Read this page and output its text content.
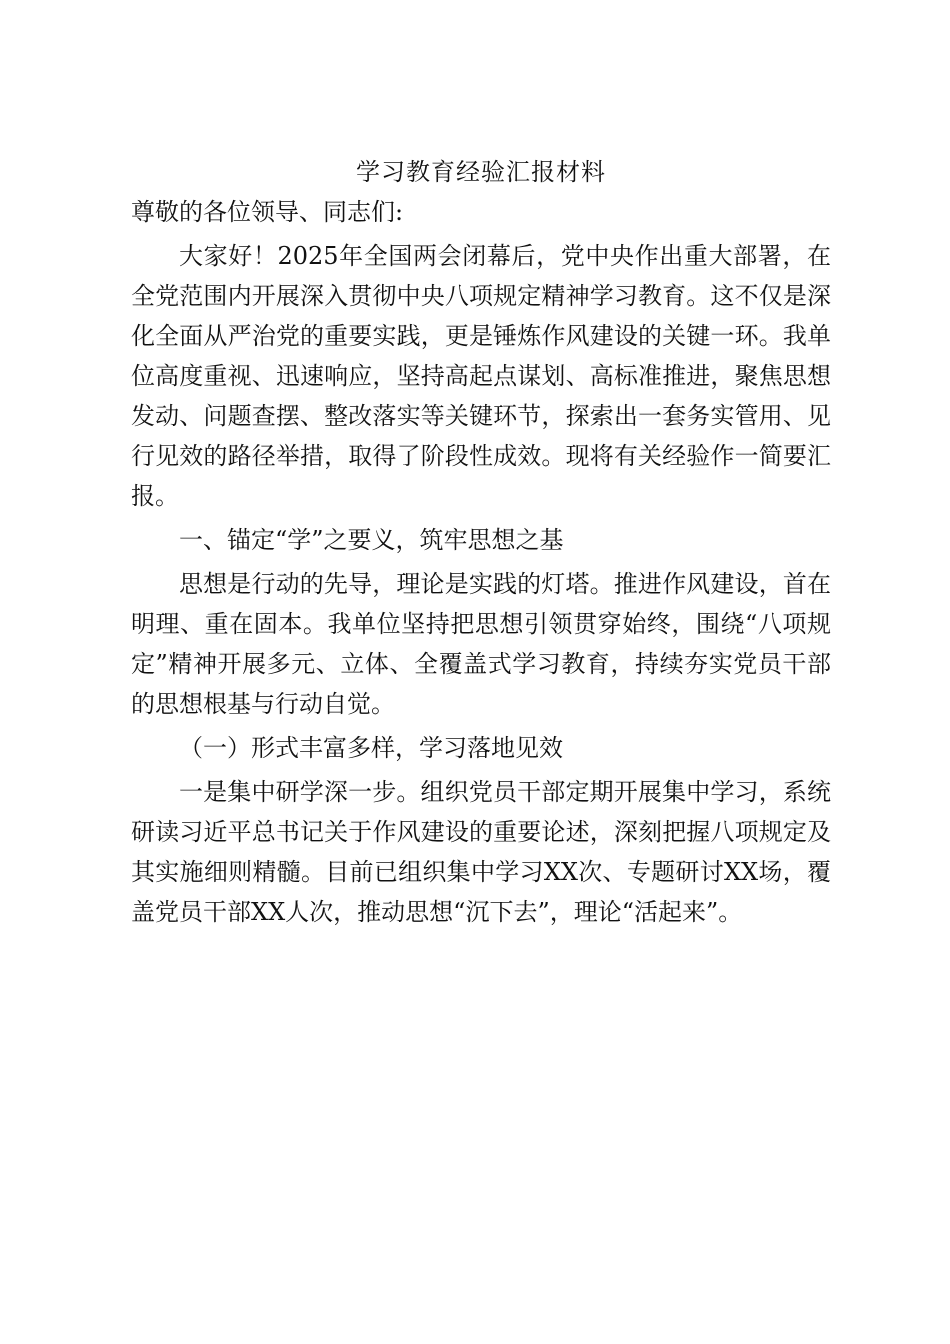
学习教育经验汇报材料

尊敬的各位领导、同志们:

大家好！2025年全国两会闭幕后，党中央作出重大部署，在全党范围内开展深入贯彻中央八项规定精神学习教育。这不仅是深化全面从严治党的重要实践，更是锤炼作风建设的关键一环。我单位高度重视、迅速响应，坚持高起点谋划、高标准推进，聚焦思想发动、问题查摆、整改落实等关键环节，探索出一套务实管用、见行见效的路径举措，取得了阶段性成效。现将有关经验作一简要汇报。

一、锚定“学”之要义，筑牢思想之基

思想是行动的先导，理论是实践的灯塔。推进作风建设，首在明理、重在固本。我单位坚持把思想引领贯穿始终，围绕“八项规定”精神开展多元、立体、全覆盖式学习教育，持续夯实党员干部的思想根基与行动自觉。

（一）形式丰富多样，学习落地见效

一是集中研学深一步。组织党员干部定期开展集中学习，系统研读习近平总书记关于作风建设的重要论述，深刻把握八项规定及其实施细则精髓。目前已组织集中学习XX次、专题研讨XX场，覆盖党员干部XX人次，推动思想“沉下去”，理论“活起来”。
